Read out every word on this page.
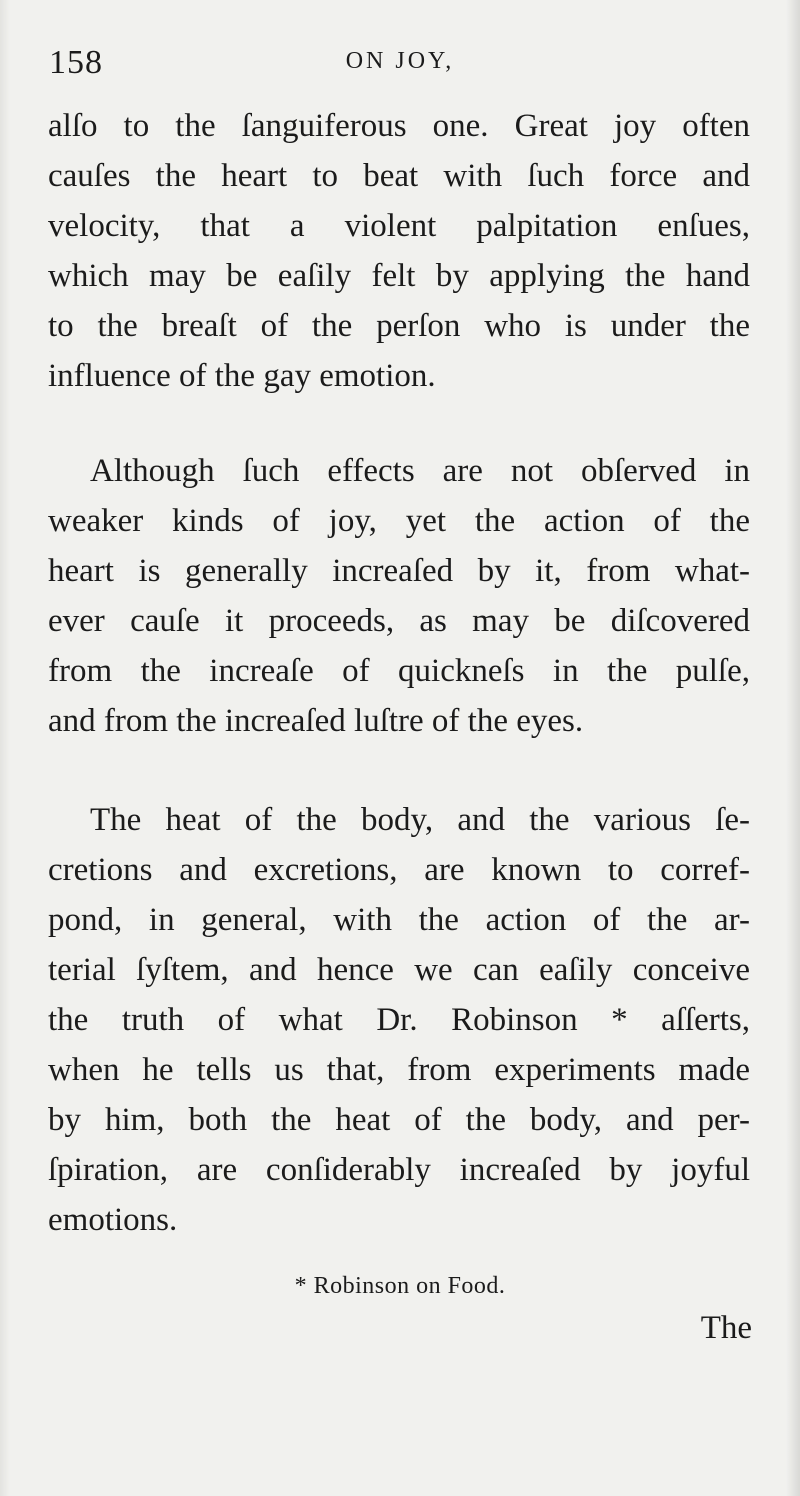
158	ON JOY,
alſo to the ſanguiferous one. Great joy often
cauſes the heart to beat with ſuch force and
velocity, that a violent palpitation enſues,
which may be eaſily felt by applying the hand
to the breaſt of the perſon who is under the
influence of the gay emotion.
Although ſuch effects are not obſerved in
weaker kinds of joy, yet the action of the
heart is generally increaſed by it, from what-
ever cauſe it proceeds, as may be diſcovered
from the increaſe of quickneſs in the pulſe,
and from the increaſed luſtre of the eyes.
The heat of the body, and the various ſe-
cretions and excretions, are known to corref-
pond, in general, with the action of the ar-
terial ſyſtem, and hence we can eaſily conceive
the truth of what Dr. Robinson * aſſerts,
when he tells us that, from experiments made
by him, both the heat of the body, and per-
ſpiration, are conſiderably increaſed by joyful
emotions.
* Robinson on Food.
The
